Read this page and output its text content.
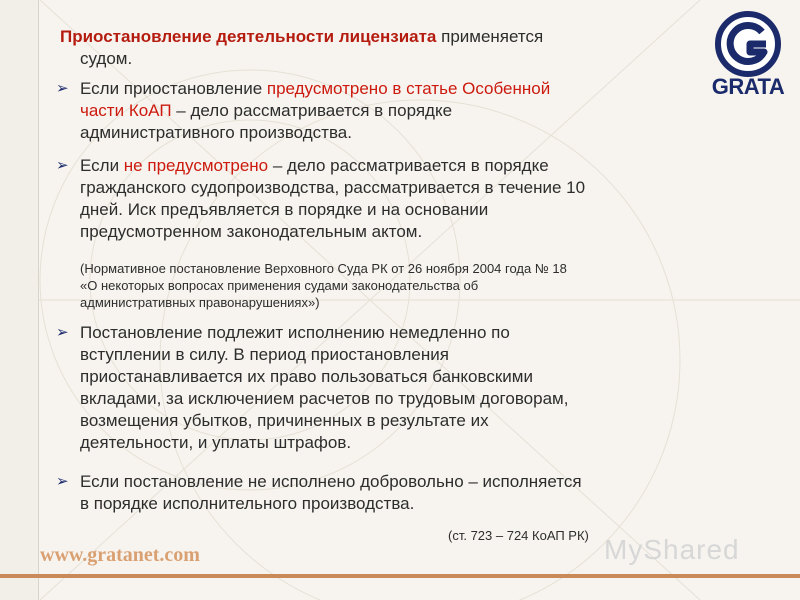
GRATA
Приостановление деятельности лицензиата применяется
судом.
➢ Если приостановление предусмотрено в статье Особенной
части КоАП – дело рассматривается в порядке
административного производства.
➢ Если не предусмотрено – дело рассматривается в порядке
гражданского судопроизводства, рассматривается в течение 10
дней. Иск предъявляется в порядке и на основании
предусмотренном законодательным актом.
(Нормативное постановление Верховного Суда РК от 26 ноября 2004 года № 18
«О некоторых вопросах применения судами законодательства об
административных правонарушениях»)
➢ Постановление подлежит исполнению немедленно по
вступлении в силу. В период приостановления
приостанавливается их право пользоваться банковскими
вкладами, за исключением расчетов по трудовым договорам,
возмещения убытков, причиненных в результате их
деятельности, и уплаты штрафов.
➢ Если постановление не исполнено добровольно – исполняется
в порядке исполнительного производства.
(ст. 723 – 724 КоАП РК) MyShared
www.gratanet.com
